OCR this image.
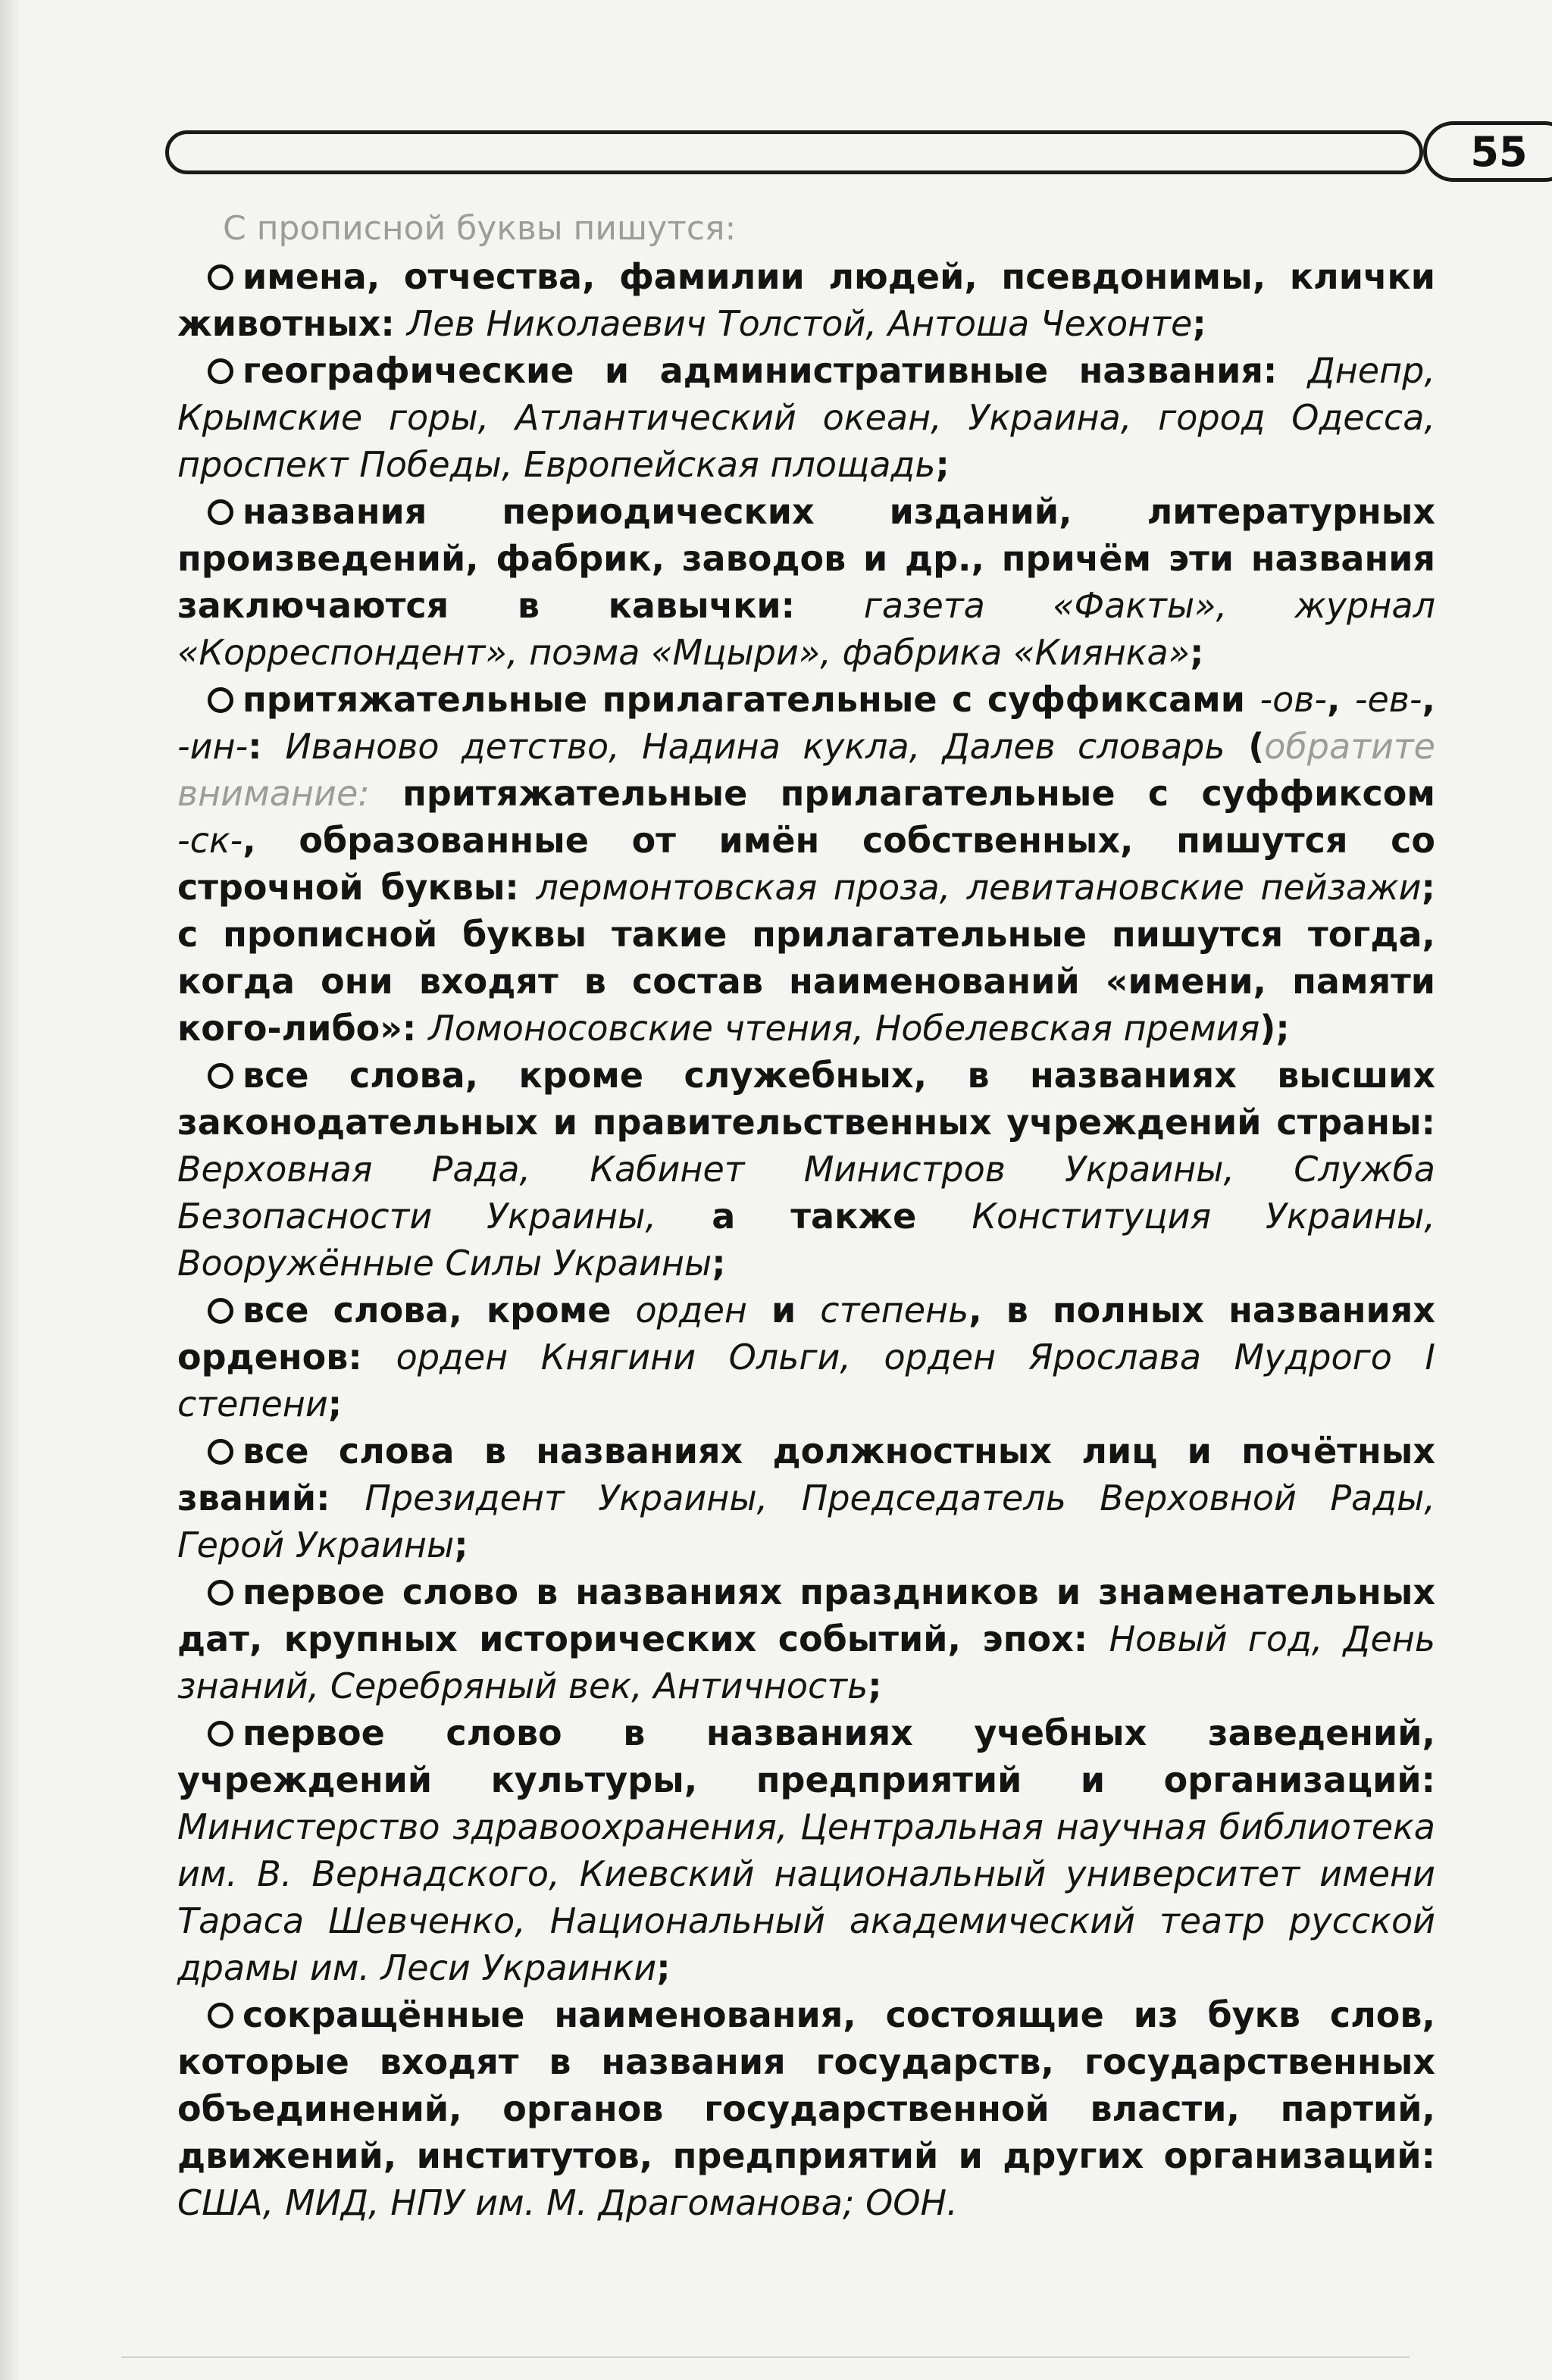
55

С прописной буквы пишутся:

имена, отчества, фамилии людей, псевдонимы, клички животных: Лев Николаевич Толстой, Антоша Чехонте;

географические и административные названия: Днепр, Крымские горы, Атлантический океан, Украина, город Одесса, проспект Победы, Европейская площадь;

названия периодических изданий, литературных произведений, фабрик, заводов и др., причём эти названия заключаются в кавычки: газета «Факты», журнал «Корреспондент», поэма «Мцыри», фабрика «Киянка»;

притяжательные прилагательные с суффиксами -ов-, -ев-, -ин-: Иваново детство, Надина кукла, Далев словарь (обратите внимание: притяжательные прилагательные с суффиксом -ск-, образованные от имён собственных, пишутся со строчной буквы: лермонтовская проза, левитановские пейзажи; с прописной буквы такие прилагательные пишутся тогда, когда они входят в состав наименований «имени, памяти кого-либо»: Ломоносовские чтения, Нобелевская премия);

все слова, кроме служебных, в названиях высших законодательных и правительственных учреждений страны: Верховная Рада, Кабинет Министров Украины, Служба Безопасности Украины, а также Конституция Украины, Вооружённые Силы Украины;

все слова, кроме орден и степень, в полных названиях орденов: орден Княгини Ольги, орден Ярослава Мудрого I степени;

все слова в названиях должностных лиц и почётных званий: Президент Украины, Председатель Верховной Рады, Герой Украины;

первое слово в названиях праздников и знаменательных дат, крупных исторических событий, эпох: Новый год, День знаний, Серебряный век, Античность;

первое слово в названиях учебных заведений, учреждений культуры, предприятий и организаций: Министерство здравоохранения, Центральная научная библиотека им. В. Вернадского, Киевский национальный университет имени Тараса Шевченко, Национальный академический театр русской драмы им. Леси Украинки;

сокращённые наименования, состоящие из букв слов, которые входят в названия государств, государственных объединений, органов государственной власти, партий, движений, институтов, предприятий и других организаций: США, МИД, НПУ им. М. Драгоманова; ООН.
